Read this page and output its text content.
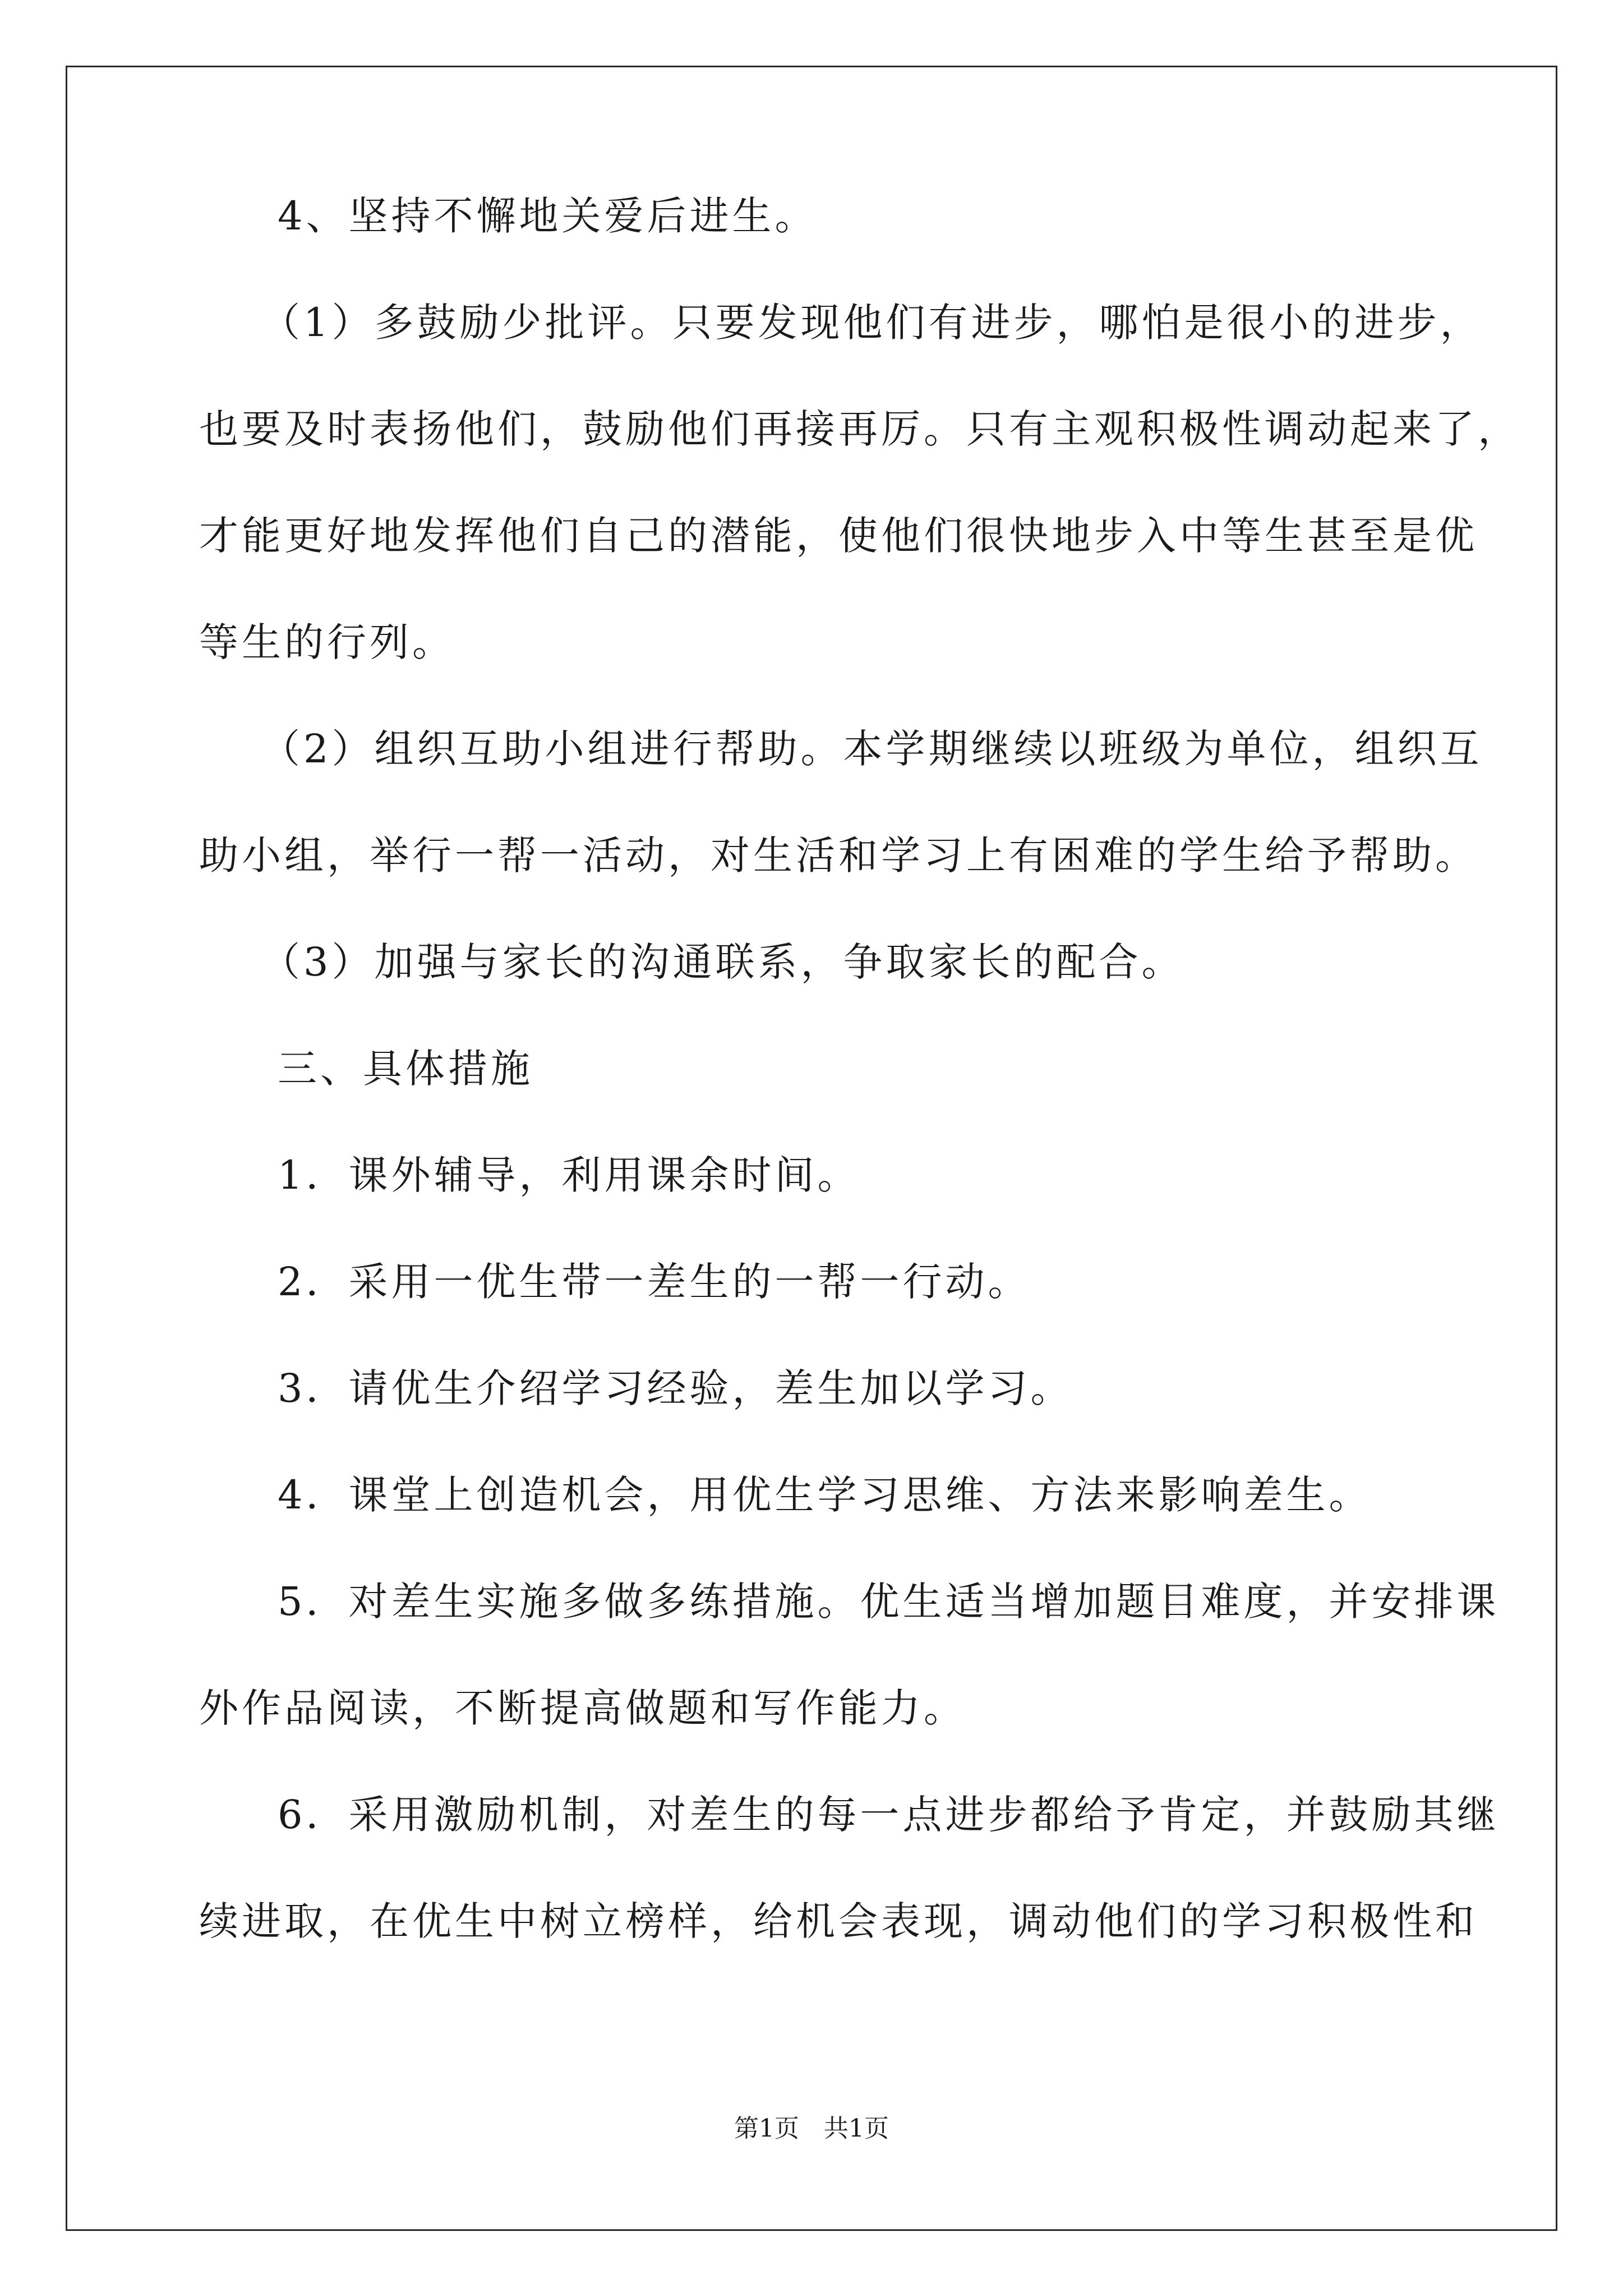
4、坚持不懈地关爱后进生。
（1）多鼓励少批评。只要发现他们有进步，哪怕是很小的进步，
也要及时表扬他们，鼓励他们再接再厉。只有主观积极性调动起来了，
才能更好地发挥他们自己的潜能，使他们很快地步入中等生甚至是优
等生的行列。
（2）组织互助小组进行帮助。本学期继续以班级为单位，组织互
助小组，举行一帮一活动，对生活和学习上有困难的学生给予帮助。
（3）加强与家长的沟通联系，争取家长的配合。
三、具体措施
1．课外辅导，利用课余时间。
2．采用一优生带一差生的一帮一行动。
3．请优生介绍学习经验，差生加以学习。
4．课堂上创造机会，用优生学习思维、方法来影响差生。
5．对差生实施多做多练措施。优生适当增加题目难度，并安排课
外作品阅读，不断提高做题和写作能力。
6．采用激励机制，对差生的每一点进步都给予肯定，并鼓励其继
续进取，在优生中树立榜样，给机会表现，调动他们的学习积极性和
第1页　共1页
